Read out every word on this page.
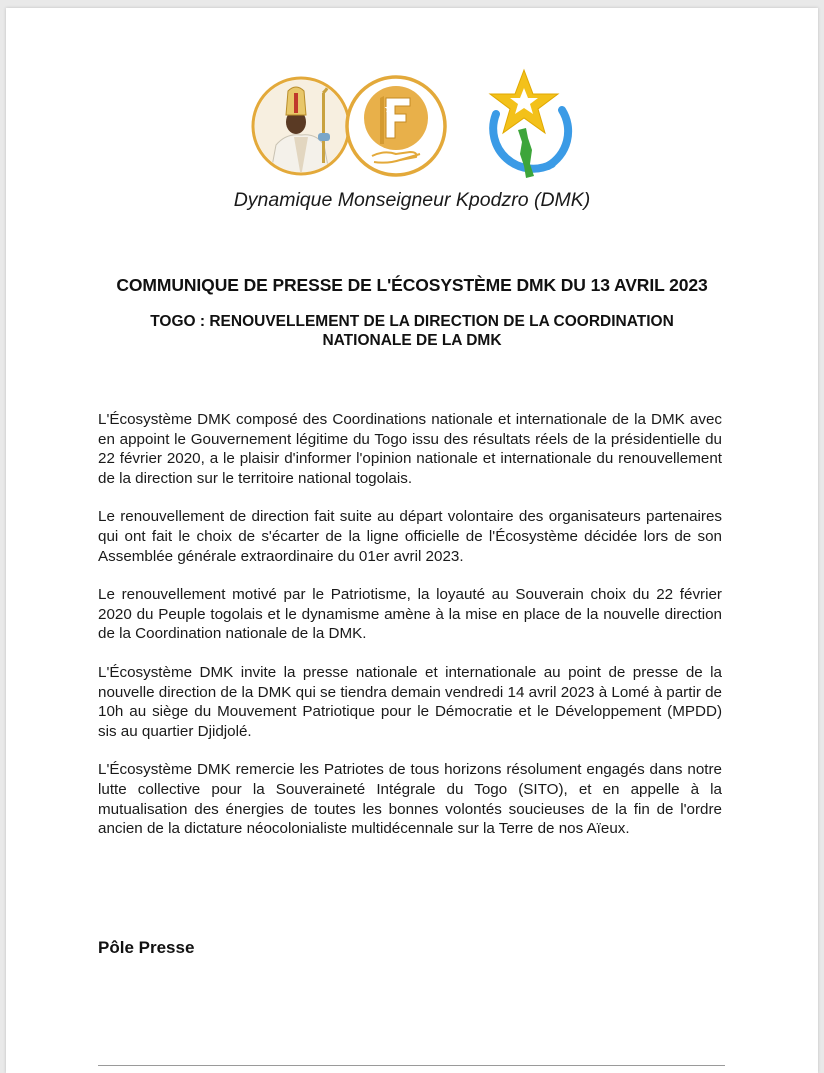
Dynamique Monseigneur Kpodzro (DMK)
COMMUNIQUE DE PRESSE DE L'ÉCOSYSTÈME DMK DU 13 AVRIL 2023
TOGO : RENOUVELLEMENT DE LA DIRECTION DE LA COORDINATION NATIONALE DE LA DMK

L'Écosystème DMK composé des Coordinations nationale et internationale de la DMK avec en appoint le Gouvernement légitime du Togo issu des résultats réels de la présidentielle du 22 février 2020, a le plaisir d'informer l'opinion nationale et internationale du renouvellement de la direction sur le territoire national togolais.

Le renouvellement de direction fait suite au départ volontaire des organisateurs partenaires qui ont fait le choix de s'écarter de la ligne officielle de l'Écosystème décidée lors de son Assemblée générale extraordinaire du 01er avril 2023.

Le renouvellement motivé par le Patriotisme, la loyauté au Souverain choix du 22 février 2020 du Peuple togolais et le dynamisme amène à la mise en place de la nouvelle direction de la Coordination nationale de la DMK.

L'Écosystème DMK invite la presse nationale et internationale au point de presse de la nouvelle direction de la DMK qui se tiendra demain vendredi 14 avril 2023 à Lomé à partir de 10h au siège du Mouvement Patriotique pour le Démocratie et le Développement (MPDD) sis au quartier Djidjolé.

L'Écosystème DMK remercie les Patriotes de tous horizons résolument engagés dans notre lutte collective pour la Souveraineté Intégrale du Togo (SITO), et en appelle à la mutualisation des énergies de toutes les bonnes volontés soucieuses de la fin de l'ordre ancien de la dictature néocolonialiste multidécennale sur la Terre de nos Aïeux.

Pôle Presse
